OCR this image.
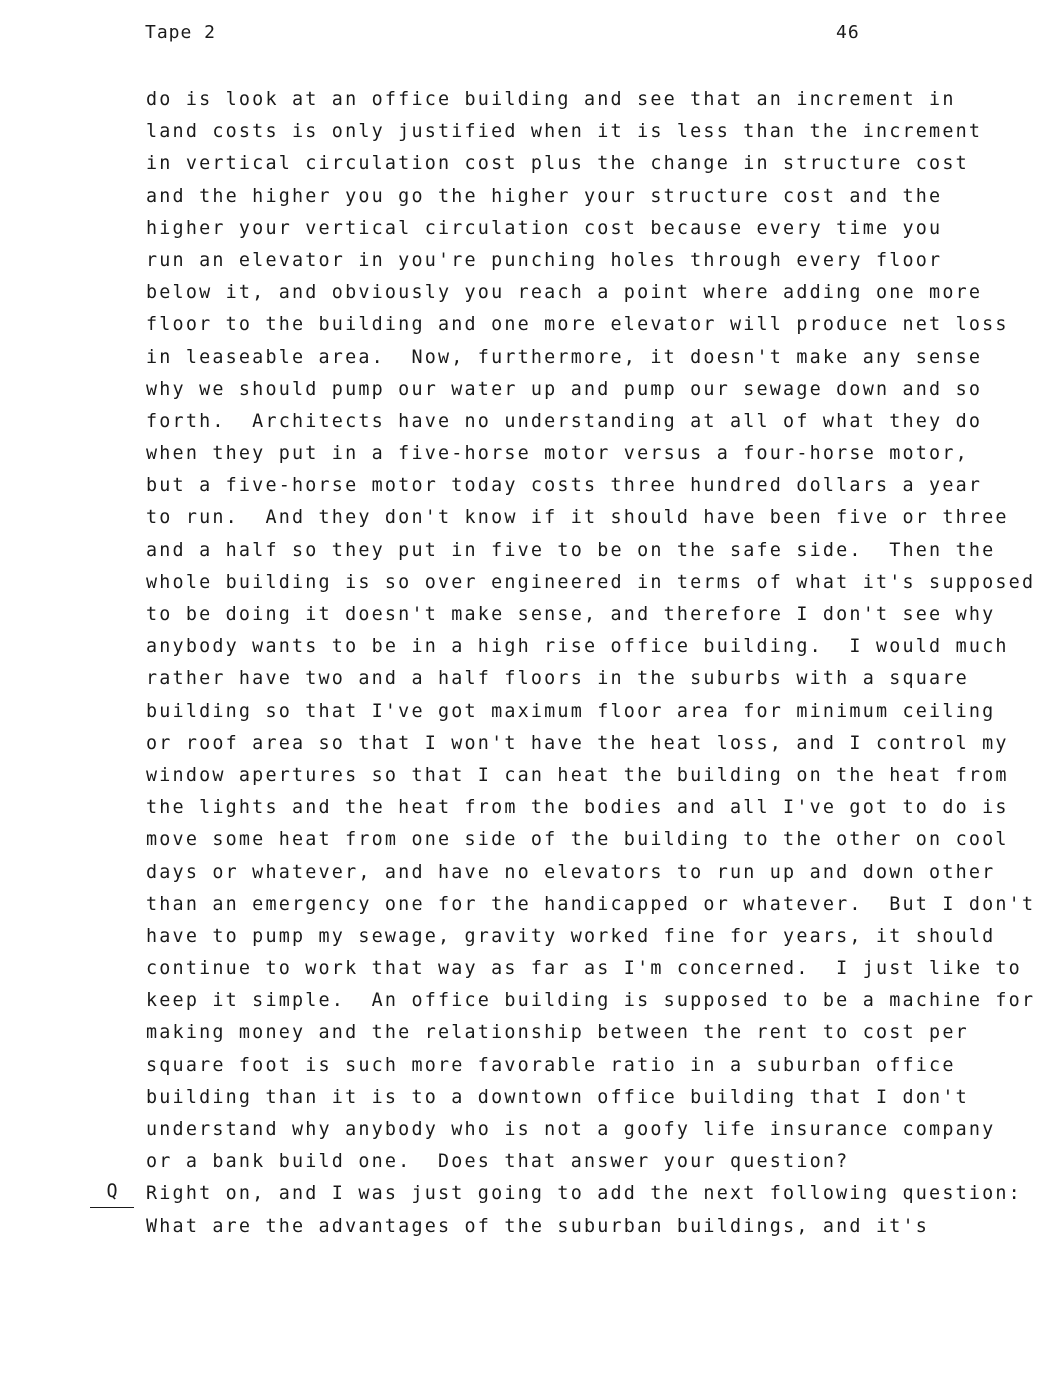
Tape 2	46
do is look at an office building and see that an increment in
land costs is only justified when it is less than the increment
in vertical circulation cost plus the change in structure cost
and the higher you go the higher your structure cost and the
higher your vertical circulation cost because every time you
run an elevator in you're punching holes through every floor
below it, and obviously you reach a point where adding one more
floor to the building and one more elevator will produce net loss
in leaseable area.  Now, furthermore, it doesn't make any sense
why we should pump our water up and pump our sewage down and so
forth.  Architects have no understanding at all of what they do
when they put in a five-horse motor versus a four-horse motor,
but a five-horse motor today costs three hundred dollars a year
to run.  And they don't know if it should have been five or three
and a half so they put in five to be on the safe side.  Then the
whole building is so over engineered in terms of what it's supposed
to be doing it doesn't make sense, and therefore I don't see why
anybody wants to be in a high rise office building.  I would much
rather have two and a half floors in the suburbs with a square
building so that I've got maximum floor area for minimum ceiling
or roof area so that I won't have the heat loss, and I control my
window apertures so that I can heat the building on the heat from
the lights and the heat from the bodies and all I've got to do is
move some heat from one side of the building to the other on cool
days or whatever, and have no elevators to run up and down other
than an emergency one for the handicapped or whatever.  But I don't
have to pump my sewage, gravity worked fine for years, it should
continue to work that way as far as I'm concerned.  I just like to
keep it simple.  An office building is supposed to be a machine for
making money and the relationship between the rent to cost per
square foot is such more favorable ratio in a suburban office
building than it is to a downtown office building that I don't
understand why anybody who is not a goofy life insurance company
or a bank build one.  Does that answer your question?
Right on, and I was just going to add the next following question:
What are the advantages of the suburban buildings, and it's
Q
